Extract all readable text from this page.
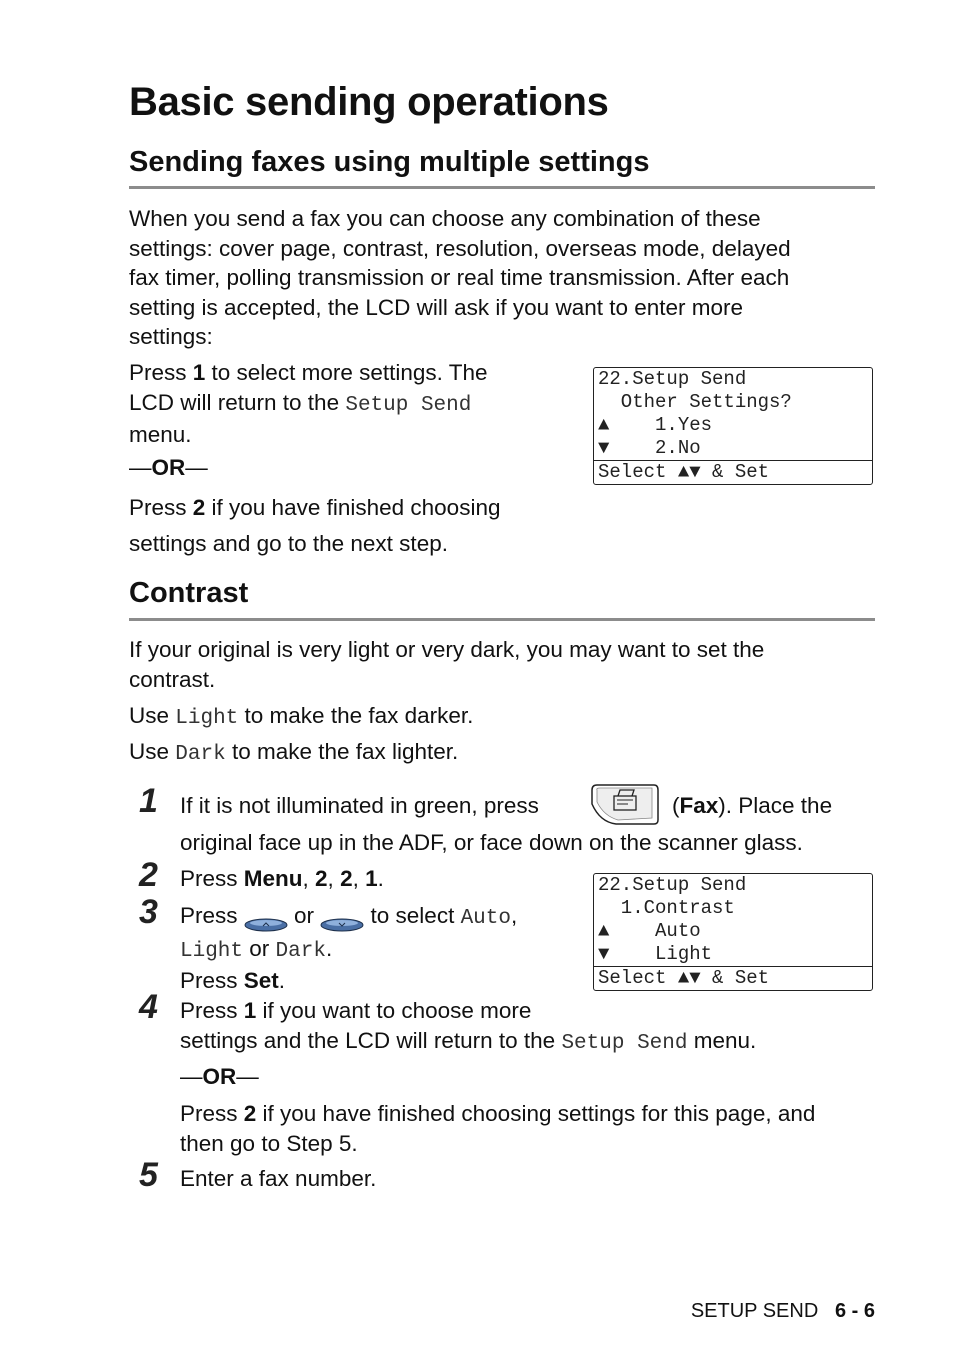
Basic sending operations
Sending faxes using multiple settings
When you send a fax you can choose any combination of these
settings: cover page, contrast, resolution, overseas mode, delayed
fax timer, polling transmission or real time transmission. After each
setting is accepted, the LCD will ask if you want to enter more
settings:
Press 1 to select more settings. The
LCD will return to the Setup Send
menu.
—OR—
Press 2 if you have finished choosing
settings and go to the next step.
22.Setup Send
Other Settings?
▲    1.Yes
▼    2.No
Select ▲▼ & Set
Contrast
If your original is very light or very dark, you may want to set the
contrast.
Use Light to make the fax darker.
Use Dark to make the fax lighter.
1 If it is not illuminated in green, press	(Fax). Place the
original face up in the ADF, or face down on the scanner glass.
2 Press Menu, 2, 2, 1.
3 Press  or  to select Auto,
Light or Dark.
Press Set.
22.Setup Send
1.Contrast
▲    Auto
▼    Light
Select ▲▼ & Set
4 Press 1 if you want to choose more
settings and the LCD will return to the Setup Send menu.
—OR—
Press 2 if you have finished choosing settings for this page, and
then go to Step 5.
5 Enter a fax number.
SETUP SEND 6 - 6
